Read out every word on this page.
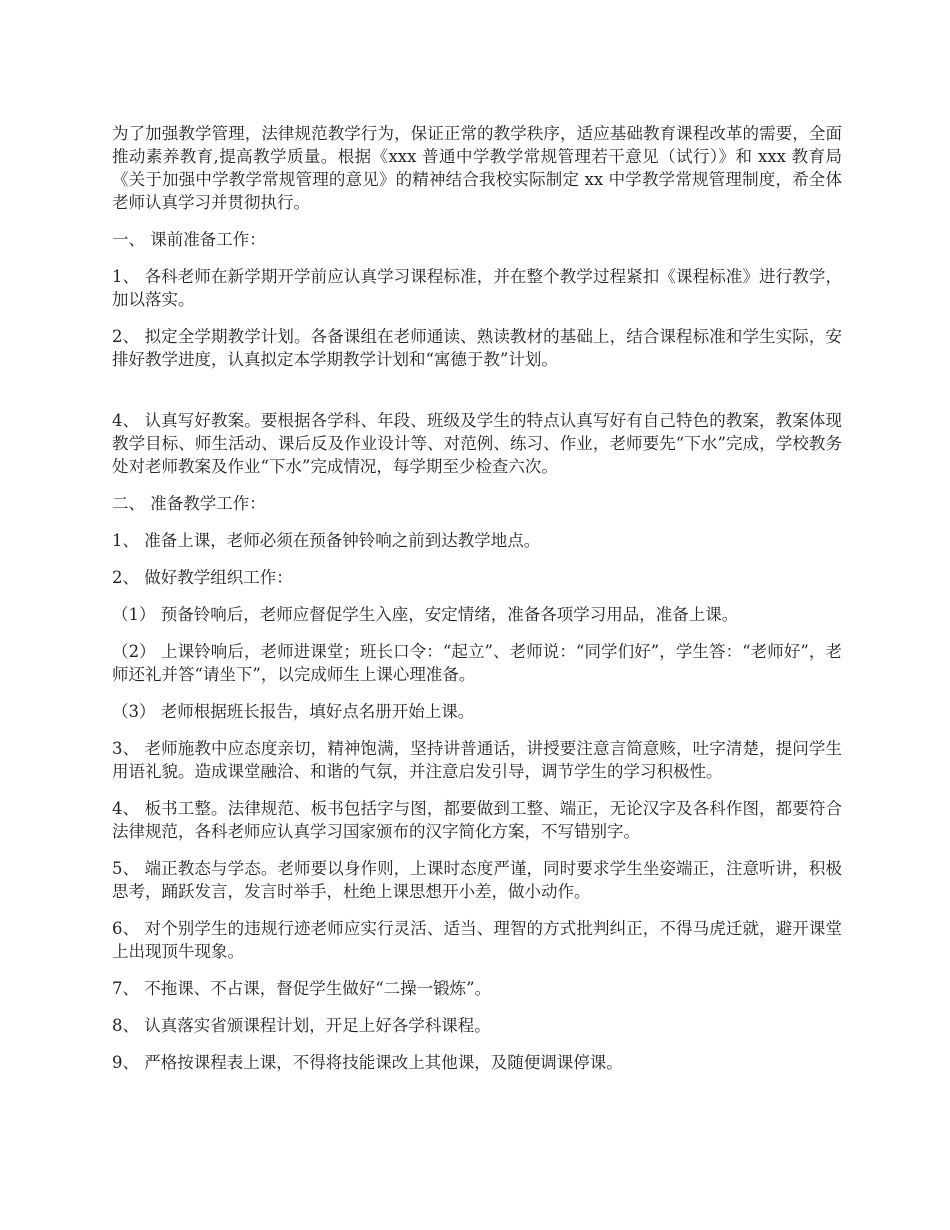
为了加强教学管理，法律规范教学行为，保证正常的教学秩序，适应基础教育课程改革的需要，全面推动素养教育,提高教学质量。根据《xxx 普通中学教学常规管理若干意见（试行）》和 xxx 教育局《关于加强中学教学常规管理的意见》的精神结合我校实际制定 xx 中学教学常规管理制度，希全体老师认真学习并贯彻执行。

一、 课前准备工作：

1、 各科老师在新学期开学前应认真学习课程标准，并在整个教学过程紧扣《课程标准》进行教学，加以落实。

2、 拟定全学期教学计划。各备课组在老师通读、熟读教材的基础上，结合课程标准和学生实际，安排好教学进度，认真拟定本学期教学计划和“寓德于教”计划。

4、 认真写好教案。要根据各学科、年段、班级及学生的特点认真写好有自己特色的教案，教案体现教学目标、师生活动、课后反及作业设计等、对范例、练习、作业，老师要先“下水”完成，学校教务处对老师教案及作业“下水”完成情况，每学期至少检查六次。

二、 准备教学工作：

1、 准备上课，老师必须在预备钟铃响之前到达教学地点。

2、 做好教学组织工作：

（1） 预备铃响后，老师应督促学生入座，安定情绪，准备各项学习用品，准备上课。

（2） 上课铃响后，老师进课堂；班长口令：“起立”、老师说：“同学们好”，学生答：“老师好”，老师还礼并答“请坐下”，以完成师生上课心理准备。

（3） 老师根据班长报告，填好点名册开始上课。

3、 老师施教中应态度亲切，精神饱满，坚持讲普通话，讲授要注意言简意赅，吐字清楚，提问学生用语礼貌。造成课堂融洽、和谐的气氛，并注意启发引导，调节学生的学习积极性。

4、 板书工整。法律规范、板书包括字与图，都要做到工整、端正，无论汉字及各科作图，都要符合法律规范，各科老师应认真学习国家颁布的汉字简化方案，不写错别字。

5、 端正教态与学态。老师要以身作则，上课时态度严谨，同时要求学生坐姿端正，注意听讲，积极思考，踊跃发言，发言时举手，杜绝上课思想开小差，做小动作。

6、 对个别学生的违规行迹老师应实行灵活、适当、理智的方式批判纠正，不得马虎迁就，避开课堂上出现顶牛现象。

7、 不拖课、不占课，督促学生做好“二操一锻炼”。

8、 认真落实省颁课程计划，开足上好各学科课程。

9、 严格按课程表上课，不得将技能课改上其他课，及随便调课停课。
